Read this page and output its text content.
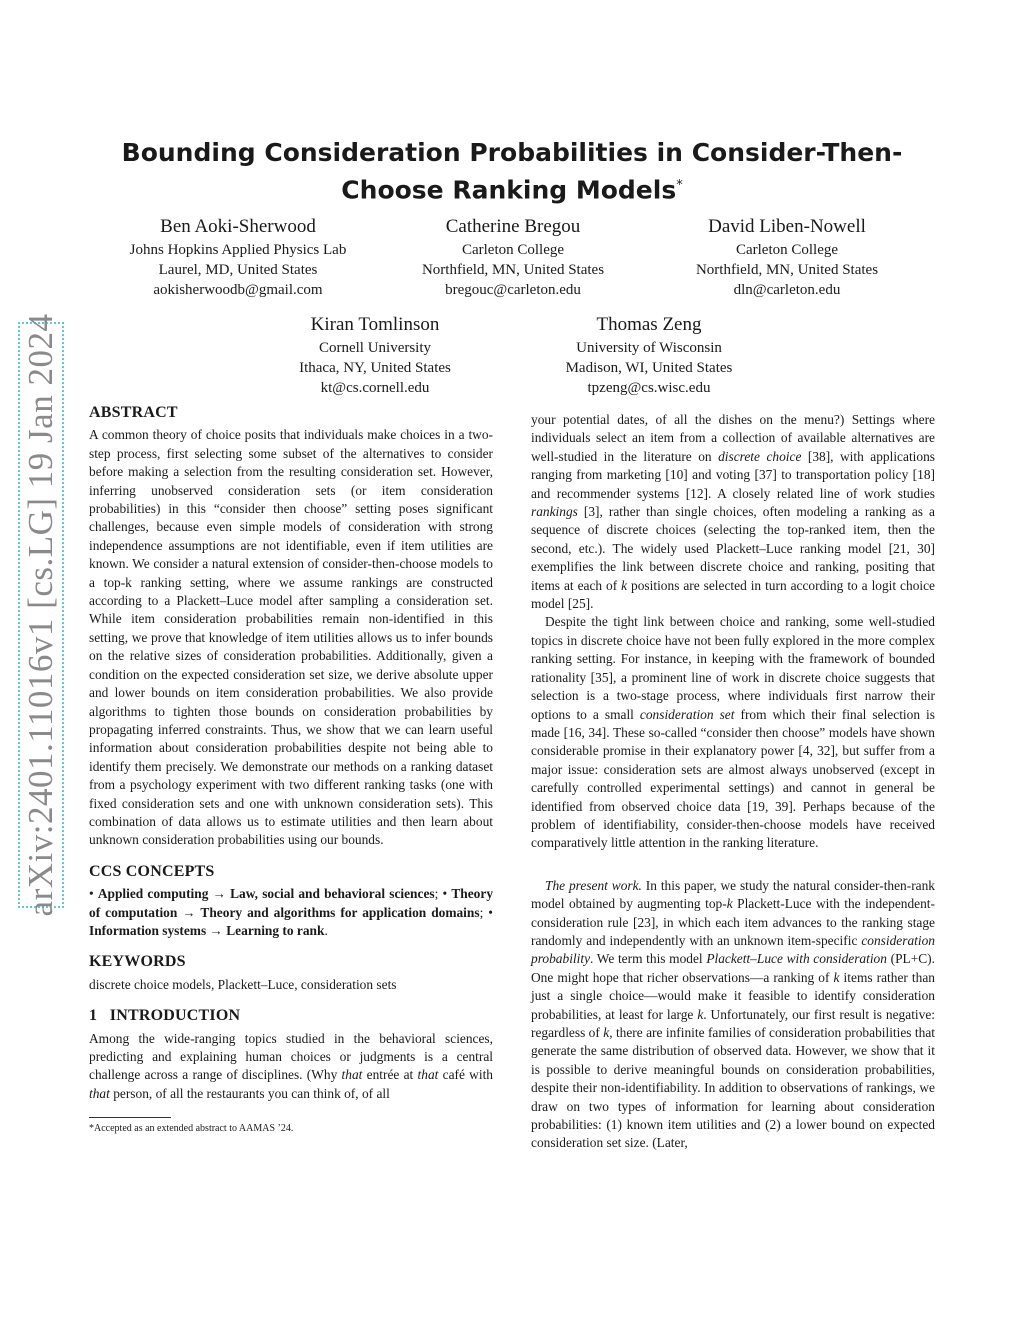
arXiv:2401.11016v1 [cs.LG] 19 Jan 2024
Bounding Consideration Probabilities in Consider-Then-Choose Ranking Models*
Ben Aoki-Sherwood
Johns Hopkins Applied Physics Lab
Laurel, MD, United States
aokisherwoodb@gmail.com
Catherine Bregou
Carleton College
Northfield, MN, United States
bregouc@carleton.edu
David Liben-Nowell
Carleton College
Northfield, MN, United States
dln@carleton.edu
Kiran Tomlinson
Cornell University
Ithaca, NY, United States
kt@cs.cornell.edu
Thomas Zeng
University of Wisconsin
Madison, WI, United States
tpzeng@cs.wisc.edu
ABSTRACT

A common theory of choice posits that individuals make choices in a two-step process, first selecting some subset of the alternatives to consider before making a selection from the resulting consideration set. However, inferring unobserved consideration sets (or item consideration probabilities) in this “consider then choose” setting poses significant challenges, because even simple models of consideration with strong independence assumptions are not identifiable, even if item utilities are known. We consider a natural extension of consider-then-choose models to a top-k ranking setting, where we assume rankings are constructed according to a Plackett–Luce model after sampling a consideration set. While item consideration probabilities remain non-identified in this setting, we prove that knowledge of item utilities allows us to infer bounds on the relative sizes of consideration probabilities. Additionally, given a condition on the expected consideration set size, we derive absolute upper and lower bounds on item consideration probabilities. We also provide algorithms to tighten those bounds on consideration probabilities by propagating inferred constraints. Thus, we show that we can learn useful information about consideration probabilities despite not being able to identify them precisely. We demonstrate our methods on a ranking dataset from a psychology experiment with two different ranking tasks (one with fixed consideration sets and one with unknown consideration sets). This combination of data allows us to estimate utilities and then learn about unknown consideration probabilities using our bounds.

CCS CONCEPTS

• Applied computing → Law, social and behavioral sciences; • Theory of computation → Theory and algorithms for application domains; • Information systems → Learning to rank.

KEYWORDS

discrete choice models, Plackett–Luce, consideration sets

1   INTRODUCTION

Among the wide-ranging topics studied in the behavioral sciences, predicting and explaining human choices or judgments is a central challenge across a range of disciplines. (Why that entrée at that café with that person, of all the restaurants you can think of, of all

*Accepted as an extended abstract to AAMAS ’24.

your potential dates, of all the dishes on the menu?) Settings where individuals select an item from a collection of available alternatives are well-studied in the literature on discrete choice [38], with applications ranging from marketing [10] and voting [37] to transportation policy [18] and recommender systems [12]. A closely related line of work studies rankings [3], rather than single choices, often modeling a ranking as a sequence of discrete choices (selecting the top-ranked item, then the second, etc.). The widely used Plackett–Luce ranking model [21, 30] exemplifies the link between discrete choice and ranking, positing that items at each of k positions are selected in turn according to a logit choice model [25].

Despite the tight link between choice and ranking, some well-studied topics in discrete choice have not been fully explored in the more complex ranking setting. For instance, in keeping with the framework of bounded rationality [35], a prominent line of work in discrete choice suggests that selection is a two-stage process, where individuals first narrow their options to a small consideration set from which their final selection is made [16, 34]. These so-called “consider then choose” models have shown considerable promise in their explanatory power [4, 32], but suffer from a major issue: consideration sets are almost always unobserved (except in carefully controlled experimental settings) and cannot in general be identified from observed choice data [19, 39]. Perhaps because of the problem of identifiability, consider-then-choose models have received comparatively little attention in the ranking literature.

The present work. In this paper, we study the natural consider-then-rank model obtained by augmenting top-k Plackett-Luce with the independent-consideration rule [23], in which each item advances to the ranking stage randomly and independently with an unknown item-specific consideration probability. We term this model Plackett–Luce with consideration (PL+C). One might hope that richer observations—a ranking of k items rather than just a single choice—would make it feasible to identify consideration probabilities, at least for large k. Unfortunately, our first result is negative: regardless of k, there are infinite families of consideration probabilities that generate the same distribution of observed data. However, we show that it is possible to derive meaningful bounds on consideration probabilities, despite their non-identifiability. In addition to observations of rankings, we draw on two types of information for learning about consideration probabilities: (1) known item utilities and (2) a lower bound on expected consideration set size. (Later,
